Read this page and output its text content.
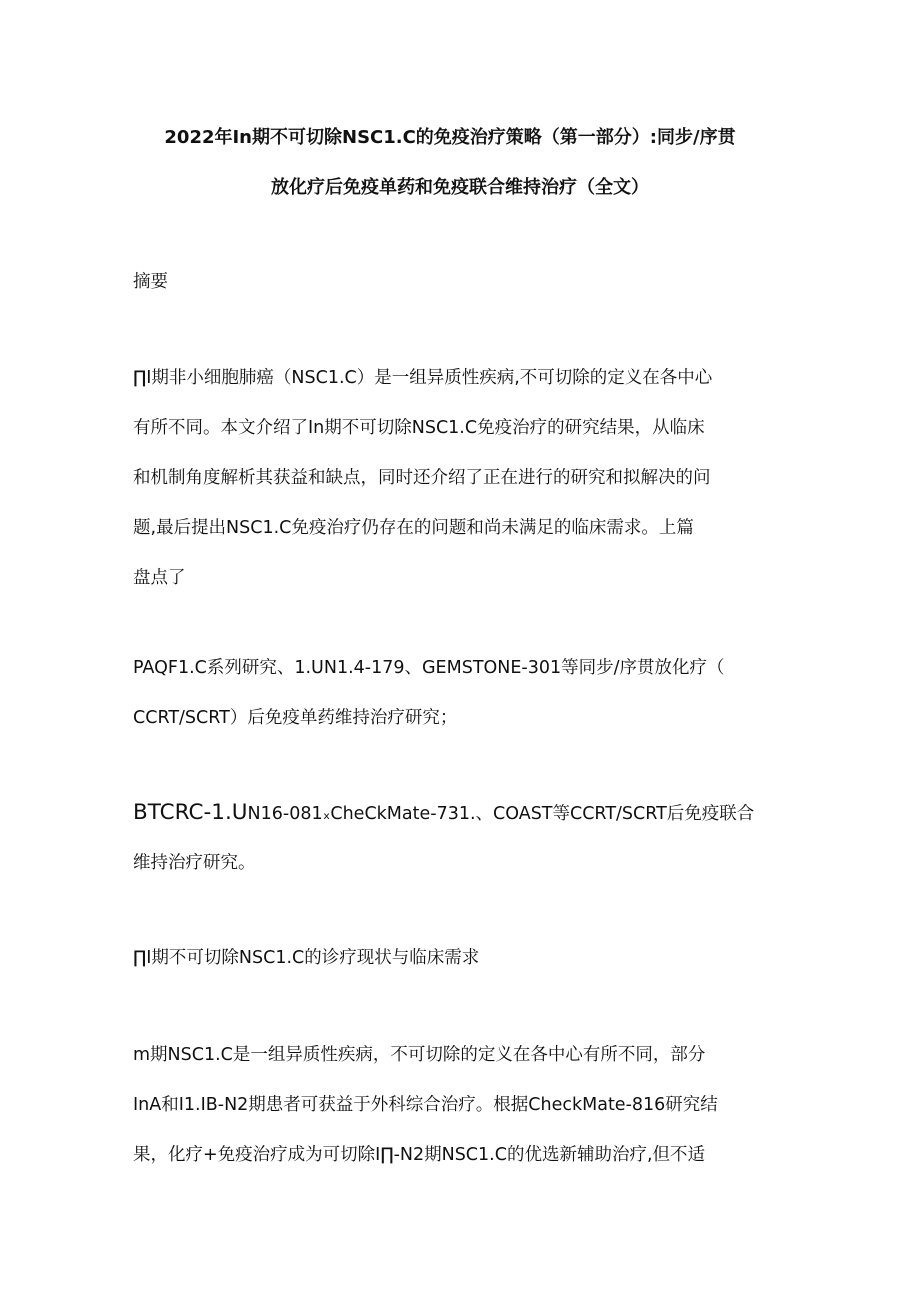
2022年In期不可切除NSC1.C的免疫治疗策略（第一部分）:同步/序贯
放化疗后免疫单药和免疫联合维持治疗（全文）
摘要
∏I期非小细胞肺癌（NSC1.C）是一组异质性疾病,不可切除的定义在各中心
有所不同。本文介绍了In期不可切除NSC1.C免疫治疗的研究结果，从临床
和机制角度解析其获益和缺点，同时还介绍了正在进行的研究和拟解决的问
题,最后提出NSC1.C免疫治疗仍存在的问题和尚未满足的临床需求。上篇
盘点了
PAQF1.C系列研究、1.UN1.4-179、GEMSTONE-301等同步/序贯放化疗（
CCRT/SCRT）后免疫单药维持治疗研究；
BTCRC-1.UN16-081ₓCheCkMate-731.、COAST等CCRT/SCRT后免疫联合
维持治疗研究。
∏I期不可切除NSC1.C的诊疗现状与临床需求
m期NSC1.C是一组异质性疾病，不可切除的定义在各中心有所不同，部分
InA和I1.IB-N2期患者可获益于外科综合治疗。根据CheckMate-816研究结
果，化疗+免疫治疗成为可切除I∏-N2期NSC1.C的优选新辅助治疗,但不适
